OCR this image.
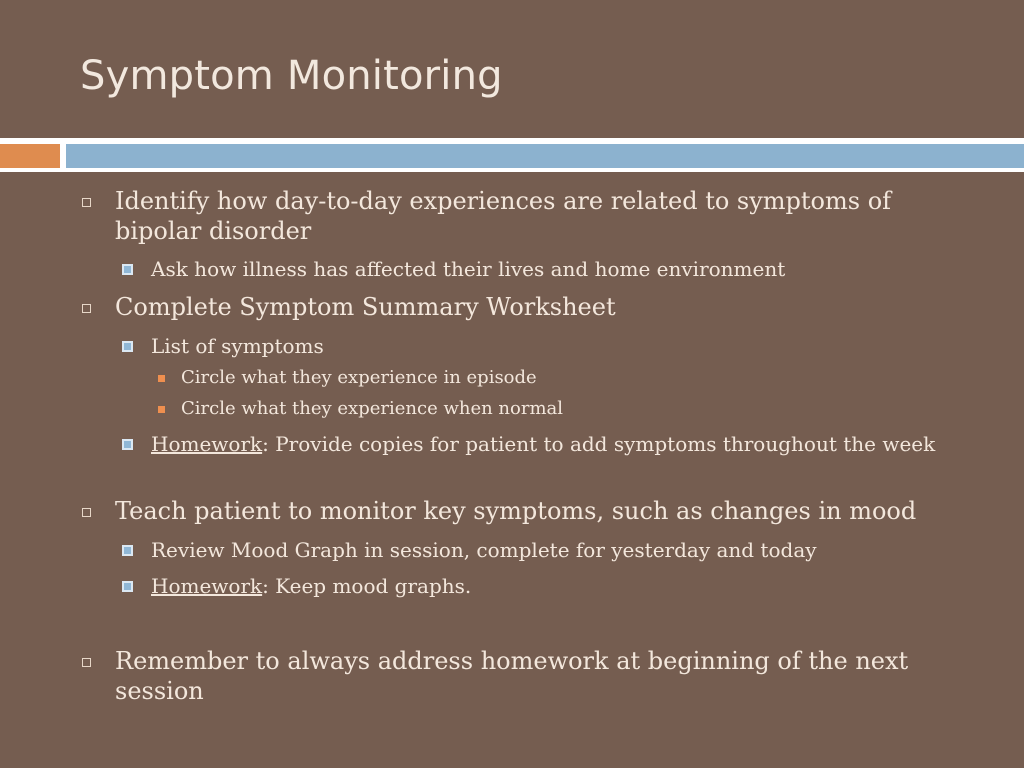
Symptom Monitoring
Identify how day-to-day experiences are related to symptoms of bipolar disorder
Ask how illness has affected their lives and home environment
Complete Symptom Summary Worksheet
List of symptoms
Circle what they experience in episode
Circle what they experience when normal
Homework: Provide copies for patient to add symptoms throughout the week
Teach patient to monitor key symptoms, such as changes in mood
Review Mood Graph in session, complete for yesterday and today
Homework: Keep mood graphs.
Remember to always address homework at beginning of the next session
